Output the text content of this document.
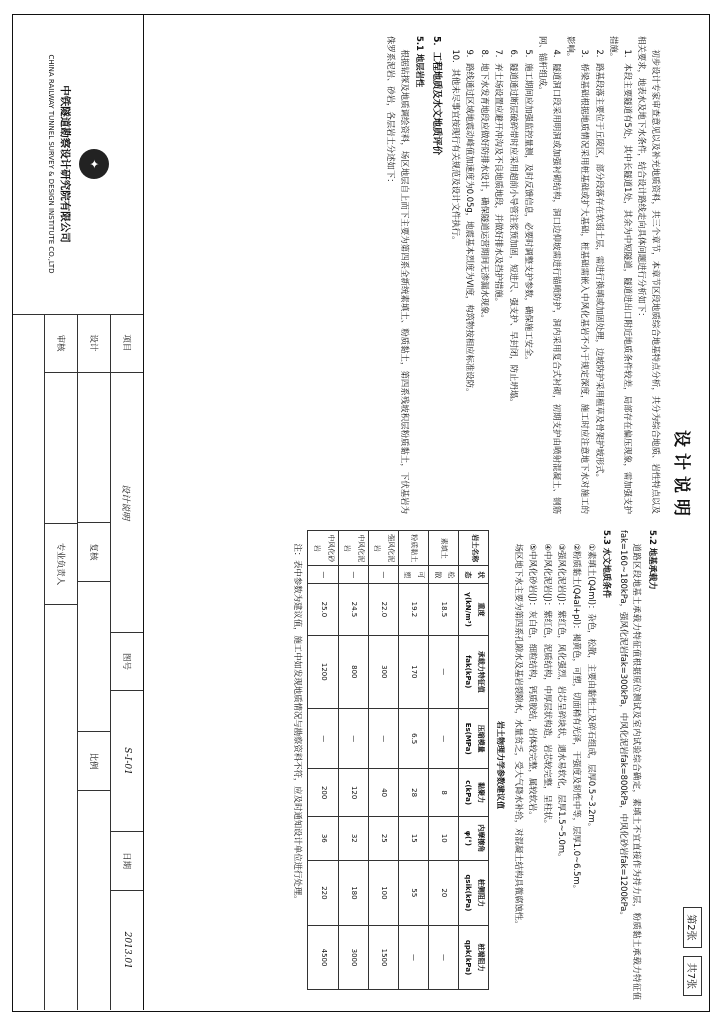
设计说明
第2张
共7张

初步设计专家审查意见以及补充地质资料，共三个章节，本章节区段地质综合地基特点分析，共分为综合地质、岩性特点以及相关要求，地表水及地下水条件，结合设计路线走向具体问题进行分析如下：

1．本段主要隧道有5处，其中长隧道1处，其余为中短隧道，隧道进出口附近地质条件较差，局部存在偏压现象，需加强支护措施。

2．路基段落主要位于丘陵区，部分段落存在软弱土层，需进行换填或加固处理，边坡防护采用植草及骨架护坡形式。

3．桥梁基础根据地质情况采用桩基础或扩大基础，桩基础需嵌入中风化基岩不小于规定深度，施工时应注意地下水对施工的影响。

4．隧道洞口段采用明洞或加强衬砌结构，洞口边仰坡需进行锚喷防护，洞内采用复合式衬砌，初期支护由喷射混凝土、钢筋网、锚杆组成。

5．施工期间应加强监控量测，及时反馈信息，必要时调整支护参数，确保施工安全。

6．隧道通过断层破碎带时应采用超前小导管注浆预加固，短进尺、强支护、早封闭，防止坍塌。

7．弃土场设置应避开冲沟及不良地质地段，并做好排水及挡护措施。

8．地下水发育地段应做好防排水设计，确保隧道运营期间无渗漏水现象。

9．路线通过区域地震动峰值加速度为0.05g，地震基本烈度为Ⅵ度，构筑物按相应标准设防。

10．其他未尽事宜按现行有关规范及设计文件执行。

5．工程地质及水文地质评价

5.1 地层岩性

根据钻探及地质调绘资料，场区地层自上而下主要为第四系全新统素填土、粉质黏土，第四系残坡积层粉质黏土，下伏基岩为侏罗系泥岩、砂岩，各层岩土分述如下：

5.2 地基承载力

道路区段地基土承载力特征值根据原位测试及室内试验综合确定，素填土不宜直接作为持力层，粉质黏土承载力特征值fak=160~180kPa，强风化泥岩fak=300kPa，中风化泥岩fak=800kPa，中风化砂岩fak=1200kPa。

5.3 水文地质条件

①素填土(Q4ml)：杂色，松散，主要由黏性土及碎石组成，层厚0.5~3.2m。

②粉质黏土(Q4al+pl)：褐黄色，可塑，切面稍有光泽，干强度及韧性中等，层厚1.0~6.5m。

③强风化泥岩(J)：紫红色，风化强烈，岩芯呈碎块状，遇水易软化，层厚1.5~5.0m。

④中风化泥岩(J)：紫红色，泥质结构，中厚层状构造，岩芯较完整，呈柱状。

⑤中风化砂岩(J)：灰白色，细粒结构，钙质胶结，岩体较完整，属较软岩。

场区地下水主要为第四系孔隙水及基岩裂隙水，水量贫乏，受大气降水补给，对混凝土结构具微腐蚀性。

岩土物理力学参数建议值
岩土名称	状态	重度γ(kN/m³)	承载力特征值fak(kPa)	压缩模量Es(MPa)	黏聚力c(kPa)	内摩擦角φ(°)	桩侧阻力qsik(kPa)	桩端阻力qpk(kPa)
素填土	松散	18.5	—	—	8	10	20	—
粉质黏土	可塑	19.2	170	6.5	28	15	55	—
强风化泥岩	—	22.0	300	—	40	25	100	1500
中风化泥岩	—	24.5	800	—	120	32	180	3000
中风化砂岩	—	25.0	1200	—	200	36	220	4500

注：表中参数为建议值，施工中如发现地质情况与勘察资料不符，应及时通知设计单位进行处理。

✦
中铁隧道勘察设计研究院有限公司
CHINA RAILWAY TUNNEL SURVEY & DESIGN INSTITUTE CO.,LTD
项目
设计说明
图号
S-I-01
日期
2013.01
设计
复核
比例
审核
专业负责人
